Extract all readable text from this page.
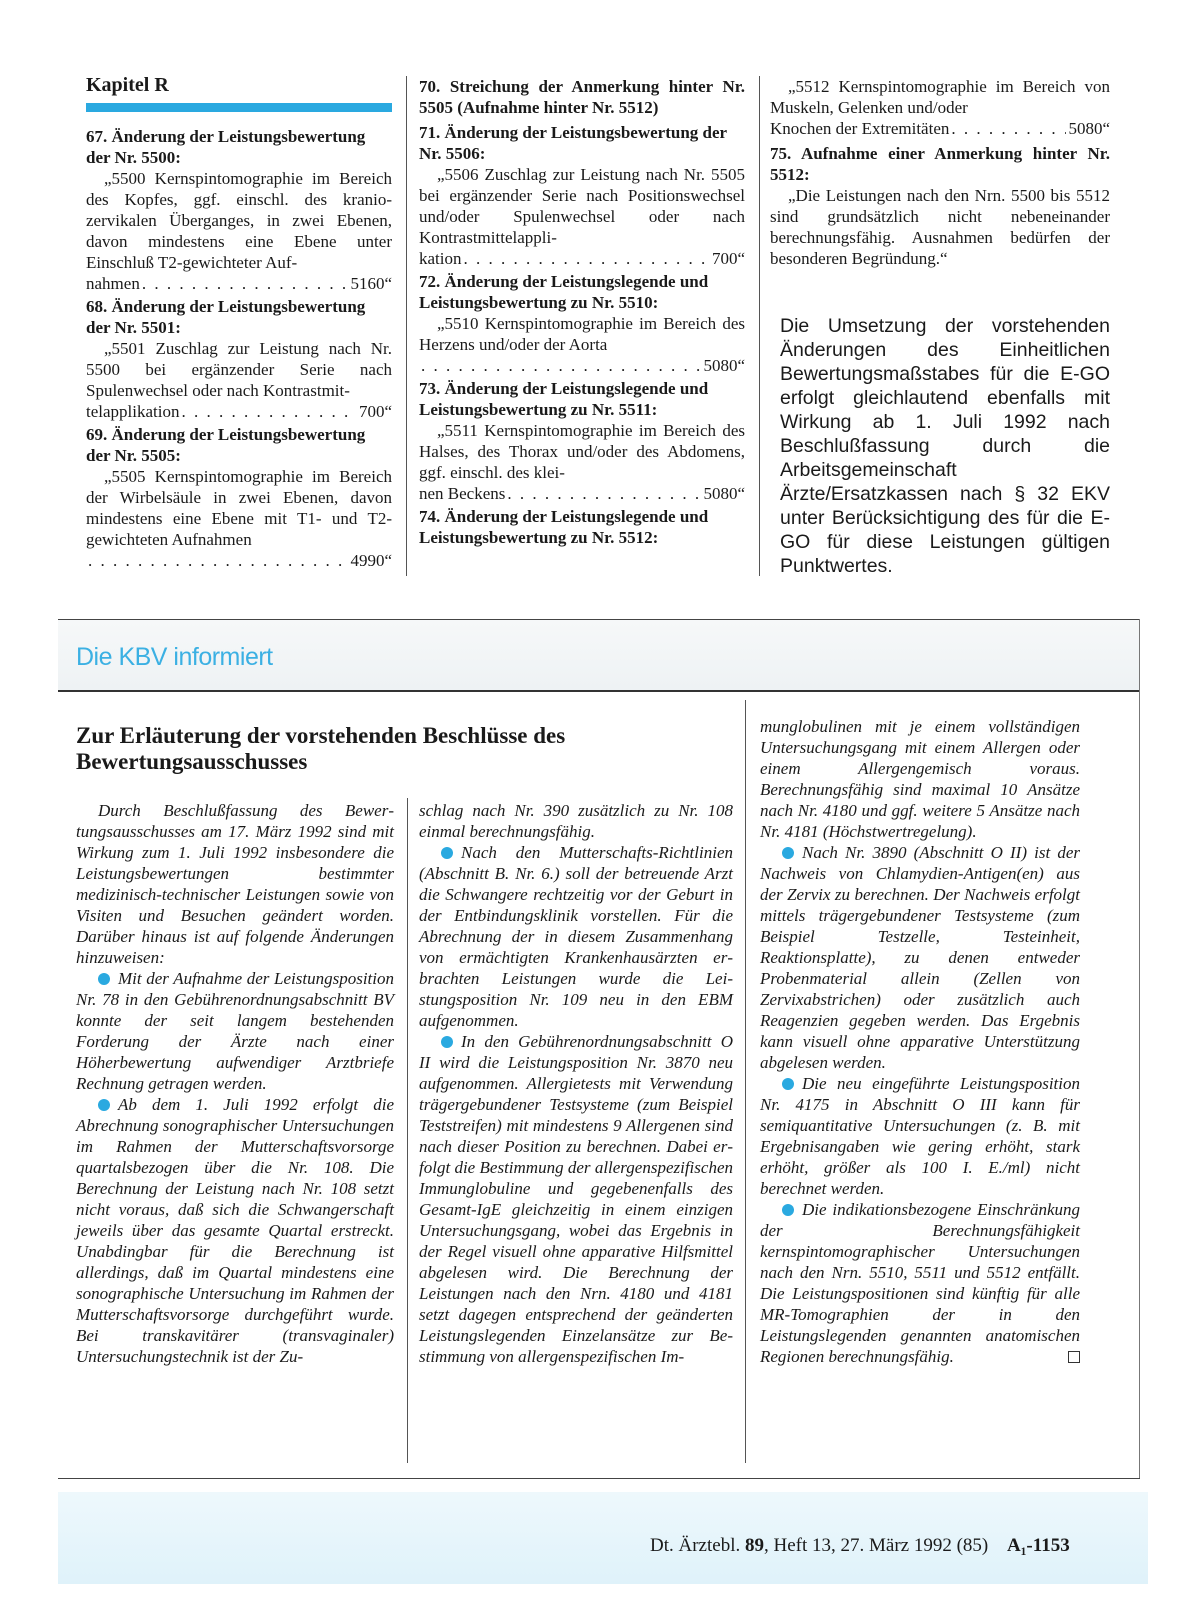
Kapitel R

67. Änderung der Leistungsbewertung der Nr. 5500:

„5500 Kernspintomographie im Bereich des Kopfes, ggf. einschl. des kranio-zervikalen Überganges, in zwei Ebenen, davon mindestens eine Ebene unter Einschluß T2-gewichteter Auf-

nahmen . . .	5160“

68. Änderung der Leistungsbewertung der Nr. 5501:

„5501 Zuschlag zur Leistung nach Nr. 5500 bei ergänzender Serie nach Spulenwechsel oder nach Kontrastmit-

telapplikation . . .	700“

69. Änderung der Leistungsbewertung der Nr. 5505:

„5505 Kernspintomographie im Bereich der Wirbelsäule in zwei Ebenen, davon mindestens eine Ebene mit T1- und T2-gewichteten Aufnahmen

. . .
4990“

70. Streichung der Anmerkung hinter Nr. 5505 (Aufnahme hinter Nr. 5512)

71. Änderung der Leistungsbewertung der Nr. 5506:

„5506 Zuschlag zur Leistung nach Nr. 5505 bei ergänzender Serie nach Positionswechsel und/oder Spulenwechsel oder nach Kontrastmittelappli-

kation . . .	700“

72. Änderung der Leistungslegende und Leistungsbewertung zu Nr. 5510:

„5510 Kernspintomographie im Bereich des Herzens und/oder der Aorta

. . .
5080“

73. Änderung der Leistungslegende und Leistungsbewertung zu Nr. 5511:

„5511 Kernspintomographie im Bereich des Halses, des Thorax und/oder des Abdomens, ggf. einschl. des klei-

nen Beckens . . .	5080“

74. Änderung der Leistungslegende und Leistungsbewertung zu Nr. 5512:

„5512 Kernspintomographie im Bereich von Muskeln, Gelenken und/oder

Knochen der Extremitäten . . .	5080“

75. Aufnahme einer Anmerkung hinter Nr. 5512:

„Die Leistungen nach den Nrn. 5500 bis 5512 sind grundsätzlich nicht nebeneinander berechnungsfähig. Ausnahmen bedürfen der besonderen Begründung.“

Die Umsetzung der vorstehenden Änderungen des Einheitlichen Bewertungsmaßstabes für die E-GO erfolgt gleichlautend ebenfalls mit Wirkung ab 1. Juli 1992 nach Beschlußfassung durch die Arbeitsgemeinschaft Ärzte/Ersatzkassen nach § 32 EKV unter Berücksichtigung des für die E-GO für diese Leistungen gültigen Punktwertes.
Die KBV informiert
Zur Erläuterung der vorstehenden Beschlüsse des Bewertungsausschusses

Durch Beschlußfassung des Bewertungsausschusses am 17. März 1992 sind mit Wirkung zum 1. Juli 1992 insbesondere die Leistungsbewertungen bestimmter medizinisch-technischer Leistungen sowie von Visiten und Besuchen geändert worden. Darüber hinaus ist auf folgende Änderungen hinzuweisen:

Mit der Aufnahme der Leistungsposition Nr. 78 in den Gebührenordnungsabschnitt BV konnte der seit langem bestehenden Forderung der Ärzte nach einer Höherbewertung aufwendiger Arztbriefe Rechnung getragen werden.

Ab dem 1. Juli 1992 erfolgt die Abrechnung sonographischer Untersuchungen im Rahmen der Mutterschaftsvorsorge quartalsbezogen über die Nr. 108. Die Berechnung der Leistung nach Nr. 108 setzt nicht voraus, daß sich die Schwangerschaft jeweils über das gesamte Quartal erstreckt. Unabdingbar für die Berechnung ist allerdings, daß im Quartal mindestens eine sonographische Untersuchung im Rahmen der Mutterschaftsvorsorge durchgeführt wurde. Bei transkavitärer (transvaginaler) Untersuchungstechnik ist der Zu-

schlag nach Nr. 390 zusätzlich zu Nr. 108 einmal berechnungsfähig.

Nach den Mutterschafts-Richtlinien (Abschnitt B. Nr. 6.) soll der betreuende Arzt die Schwangere rechtzeitig vor der Geburt in der Entbindungsklinik vorstellen. Für die Abrechnung der in diesem Zusammenhang von ermächtigten Krankenhausärzten erbrachten Leistungen wurde die Leistungsposition Nr. 109 neu in den EBM aufgenommen.

In den Gebührenordnungsabschnitt O II wird die Leistungsposition Nr. 3870 neu aufgenommen. Allergietests mit Verwendung trägergebundener Testsysteme (zum Beispiel Teststreifen) mit mindestens 9 Allergenen sind nach dieser Position zu berechnen. Dabei erfolgt die Bestimmung der allergenspezifischen Immunglobuline und gegebenenfalls des Gesamt-IgE gleichzeitig in einem einzigen Untersuchungsgang, wobei das Ergebnis in der Regel visuell ohne apparative Hilfsmittel abgelesen wird. Die Berechnung der Leistungen nach den Nrn. 4180 und 4181 setzt dagegen entsprechend der geänderten Leistungslegenden Einzelansätze zur Bestimmung von allergenspezifischen Im-

munglobulinen mit je einem vollständigen Untersuchungsgang mit einem Allergen oder einem Allergengemisch voraus. Berechnungsfähig sind maximal 10 Ansätze nach Nr. 4180 und ggf. weitere 5 Ansätze nach Nr. 4181 (Höchstwertregelung).

Nach Nr. 3890 (Abschnitt O II) ist der Nachweis von Chlamydien-Antigen(en) aus der Zervix zu berechnen. Der Nachweis erfolgt mittels trägergebundener Testsysteme (zum Beispiel Testzelle, Testeinheit, Reaktionsplatte), zu denen entweder Probenmaterial allein (Zellen von Zervixabstrichen) oder zusätzlich auch Reagenzien gegeben werden. Das Ergebnis kann visuell ohne apparative Unterstützung abgelesen werden.

Die neu eingeführte Leistungsposition Nr. 4175 in Abschnitt O III kann für semiquantitative Untersuchungen (z. B. mit Ergebnisangaben wie gering erhöht, stark erhöht, größer als 100 I. E./ml) nicht berechnet werden.

Die indikationsbezogene Einschränkung der Berechnungsfähigkeit kernspintomographischer Untersuchungen nach den Nrn. 5510, 5511 und 5512 entfällt. Die Leistungspositionen sind künftig für alle MR-Tomographien der in den Leistungslegenden genannten anatomischen Regionen berechnungsfähig.

Dt. Ärztebl. 89, Heft 13, 27. März 1992 (85) A₁-1153
